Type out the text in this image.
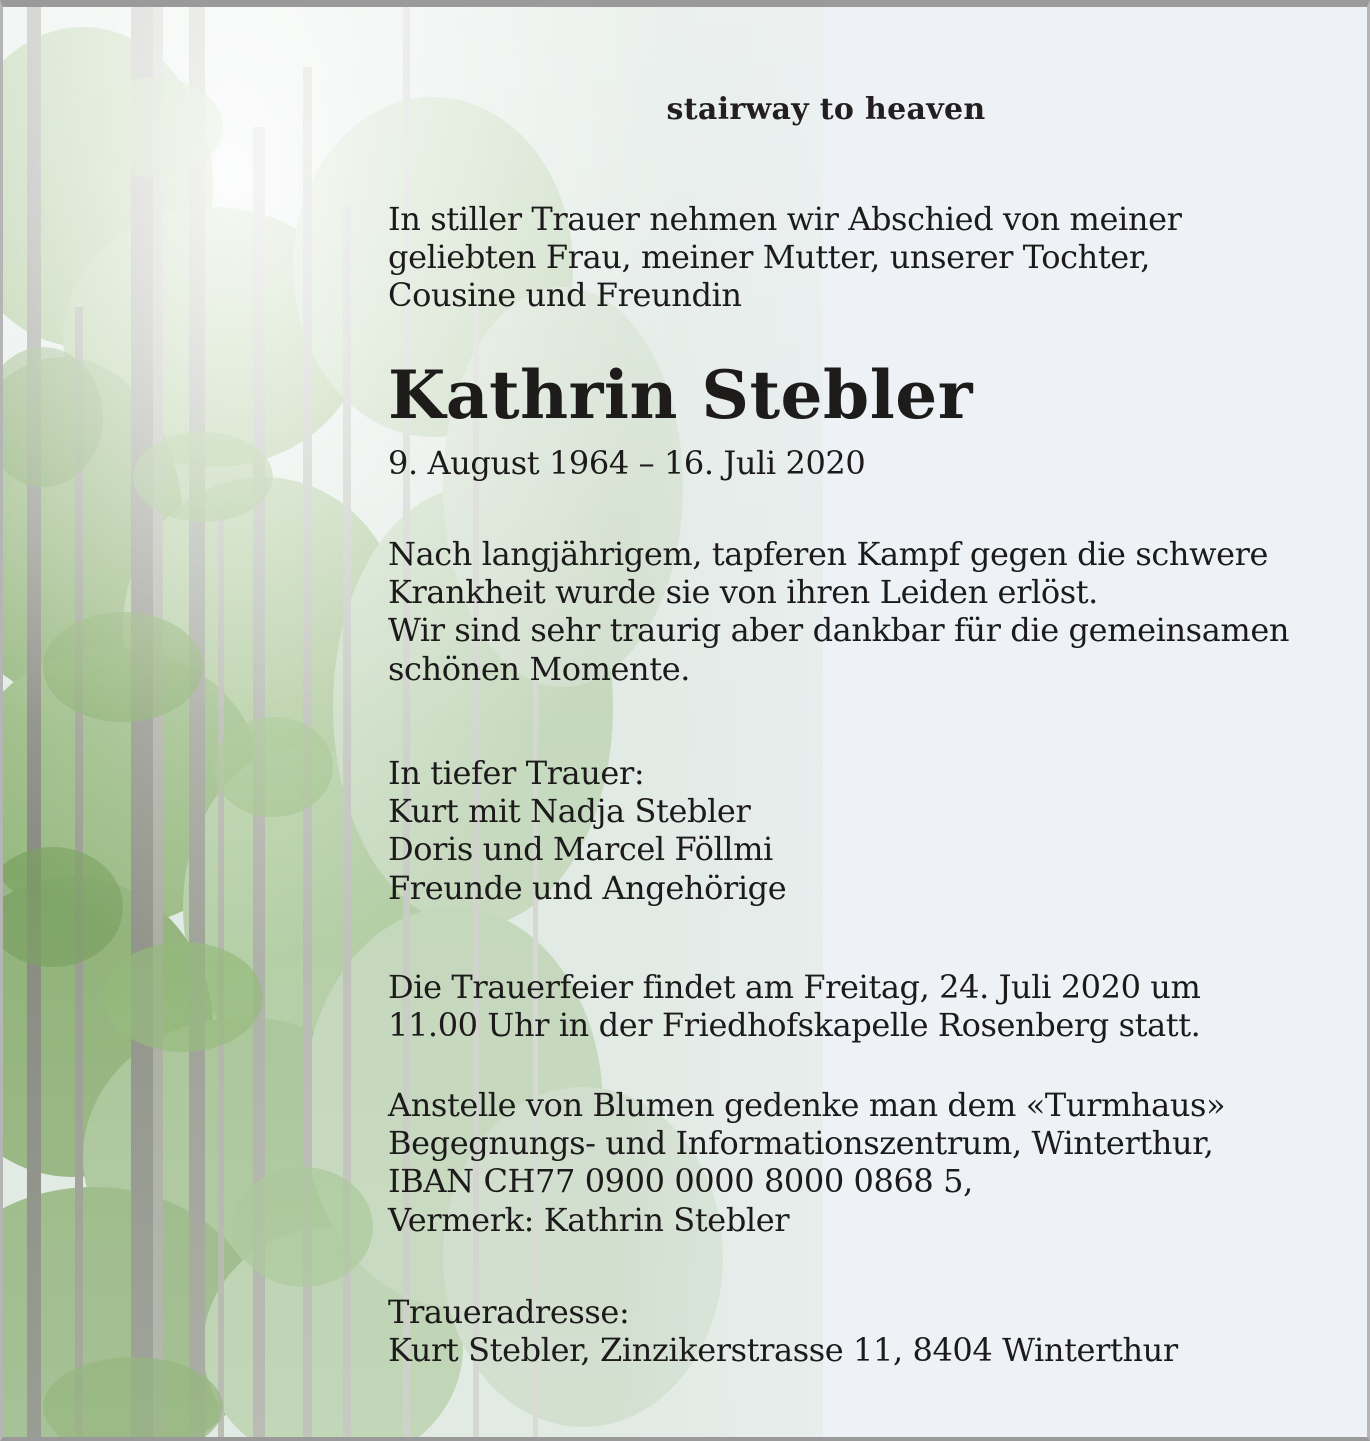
stairway to heaven
In stiller Trauer nehmen wir Abschied von meiner
geliebten Frau, meiner Mutter, unserer Tochter,
Cousine und Freundin
Kathrin Stebler
9. August 1964 – 16. Juli 2020
Nach langjährigem, tapferen Kampf gegen die schwere
Krankheit wurde sie von ihren Leiden erlöst.
Wir sind sehr traurig aber dankbar für die gemeinsamen
schönen Momente.
In tiefer Trauer:
Kurt mit Nadja Stebler
Doris und Marcel Föllmi
Freunde und Angehörige
Die Trauerfeier findet am Freitag, 24. Juli 2020 um
11.00 Uhr in der Friedhofskapelle Rosenberg statt.
Anstelle von Blumen gedenke man dem «Turmhaus»
Begegnungs- und Informationszentrum, Winterthur,
IBAN CH77 0900 0000 8000 0868 5,
Vermerk: Kathrin Stebler
Traueradresse:
Kurt Stebler, Zinzikerstrasse 11, 8404 Winterthur
